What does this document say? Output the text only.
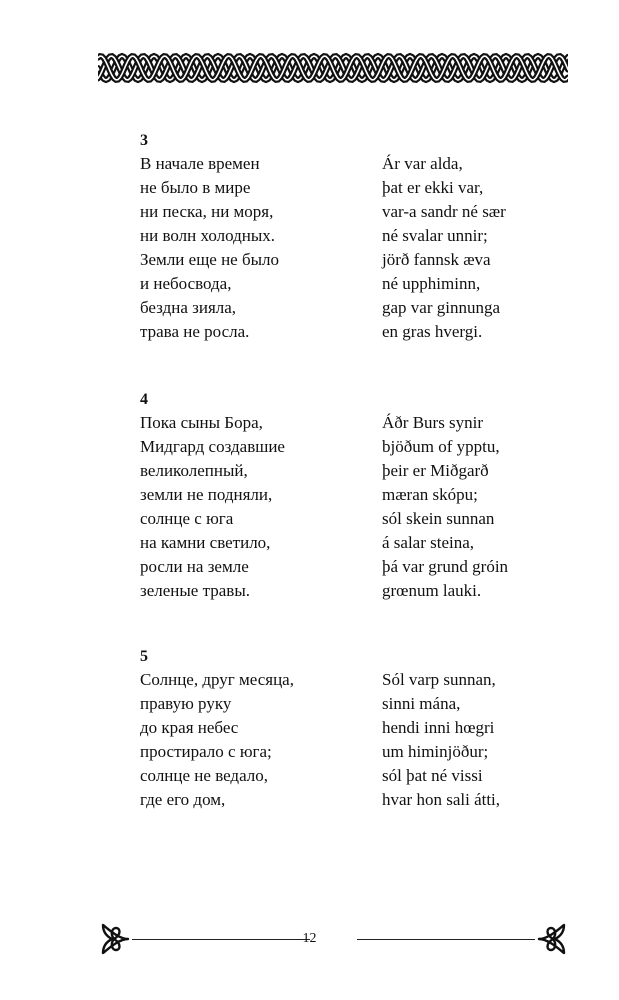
3
В начале времен
не было в мире
ни песка, ни моря,
ни волн холодных.
Земли еще не было
и небосвода,
бездна зияла,
трава не росла.
Ár var alda,
þat er ekki var,
var-a sandr né sær
né svalar unnir;
jörð fannsk æva
né upphiminn,
gap var ginnunga
en gras hvergi.
4
Пока сыны Бора,
Мидгард создавшие
великолепный,
земли не подняли,
солнце с юга
на камни светило,
росли на земле
зеленые травы.
Áðr Burs synir
bjöðum of ypptu,
þeir er Miðgarð
mæran skópu;
sól skein sunnan
á salar steina,
þá var grund gróin
grœnum lauki.
5
Солнце, друг месяца,
правую руку
до края небес
простирало с юга;
солнце не ведало,
где его дом,
Sól varp sunnan,
sinni mána,
hendi inni hœgri
um himinjöður;
sól þat né vissi
hvar hon sali átti,
12
